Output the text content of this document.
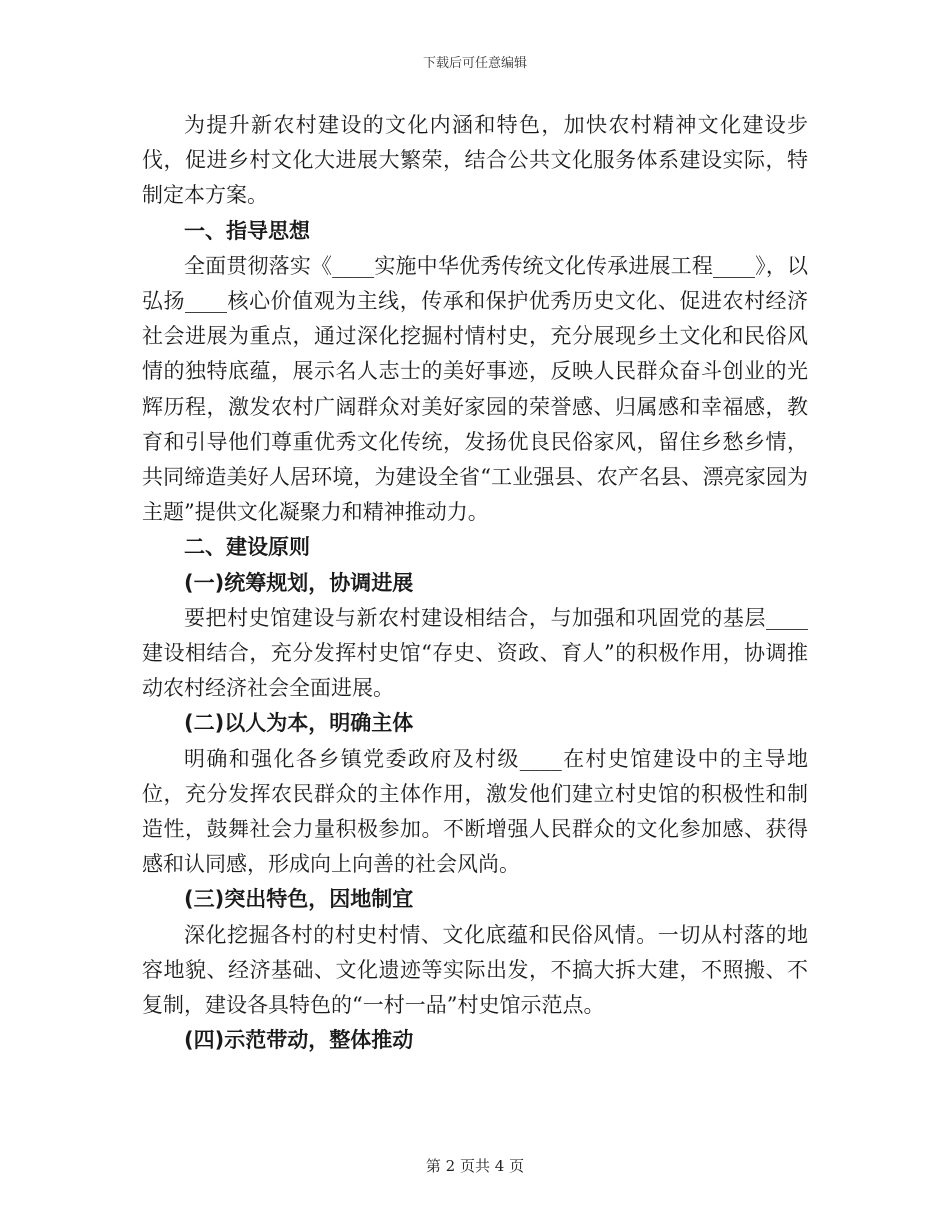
下载后可任意编辑

为提升新农村建设的文化内涵和特色，加快农村精神文化建设步伐，促进乡村文化大进展大繁荣，结合公共文化服务体系建设实际，特制定本方案。

一、指导思想

全面贯彻落实《____实施中华优秀传统文化传承进展工程____》，以弘扬____核心价值观为主线，传承和保护优秀历史文化、促进农村经济社会进展为重点，通过深化挖掘村情村史，充分展现乡土文化和民俗风情的独特底蕴，展示名人志士的美好事迹，反映人民群众奋斗创业的光辉历程，激发农村广阔群众对美好家园的荣誉感、归属感和幸福感，教育和引导他们尊重优秀文化传统，发扬优良民俗家风，留住乡愁乡情，共同缔造美好人居环境，为建设全省“工业强县、农产名县、漂亮家园为主题”提供文化凝聚力和精神推动力。

二、建设原则

(一)统筹规划，协调进展

要把村史馆建设与新农村建设相结合，与加强和巩固党的基层____建设相结合，充分发挥村史馆“存史、资政、育人”的积极作用，协调推动农村经济社会全面进展。

(二)以人为本，明确主体

明确和强化各乡镇党委政府及村级____在村史馆建设中的主导地位，充分发挥农民群众的主体作用，激发他们建立村史馆的积极性和制造性，鼓舞社会力量积极参加。不断增强人民群众的文化参加感、获得感和认同感，形成向上向善的社会风尚。

(三)突出特色，因地制宜

深化挖掘各村的村史村情、文化底蕴和民俗风情。一切从村落的地容地貌、经济基础、文化遗迹等实际出发，不搞大拆大建，不照搬、不复制，建设各具特色的“一村一品”村史馆示范点。

(四)示范带动，整体推动

第 2 页共 4 页
